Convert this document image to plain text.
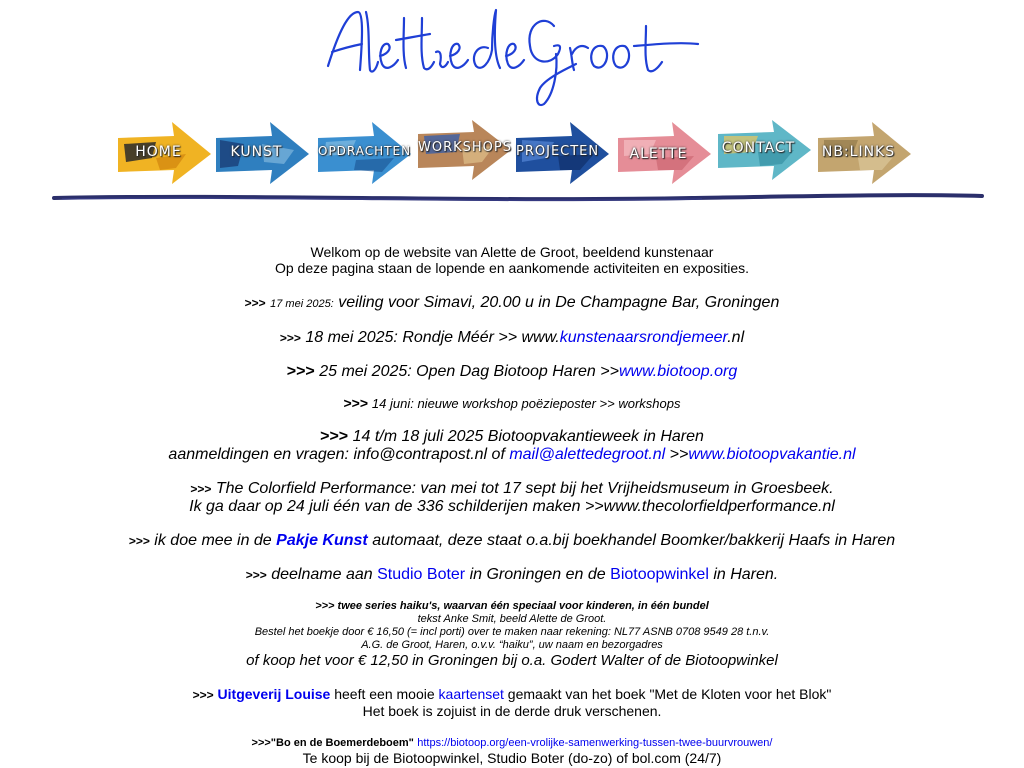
HOME	KUNST	OPDRACHTEN WORKSHOPS PROJECTEN	ALETTE	CONTACT NB:LINKS
Welkom op de website van Alette de Groot, beeldend kunstenaar
Op deze pagina staan de lopende en aankomende activiteiten en exposities.
>>> 17 mei 2025: veiling voor Simavi, 20.00 u in De Champagne Bar, Groningen
>>> 18 mei 2025: Rondje Méér >> www.kunstenaarsrondjemeer.nl
>>> 25 mei 2025: Open Dag Biotoop Haren >>www.biotoop.org
>>> 14 juni: nieuwe workshop poëzieposter >> workshops
>>> 14 t/m 18 juli 2025 Biotoopvakantieweek in Haren
aanmeldingen en vragen: info@contrapost.nl of mail@alettedegroot.nl >>www.biotoopvakantie.nl
>>> The Colorfield Performance: van mei tot 17 sept bij het Vrijheidsmuseum in Groesbeek.
Ik ga daar op 24 juli één van de 336 schilderijen maken >>www.thecolorfieldperformance.nl
>>> ik doe mee in de Pakje Kunst automaat, deze staat o.a.bij boekhandel Boomker/bakkerij Haafs in Haren
>>> deelname aan Studio Boter in Groningen en de Biotoopwinkel in Haren.
>>> twee series haiku's, waarvan één speciaal voor kinderen, in één bundel
tekst Anke Smit, beeld Alette de Groot.
Bestel het boekje door € 16,50 (= incl porti) over te maken naar rekening: NL77 ASNB 0708 9549 28 t.n.v.
A.G. de Groot, Haren, o.v.v. “haiku”, uw naam en bezorgadres
of koop het voor € 12,50 in Groningen bij o.a. Godert Walter of de Biotoopwinkel
>>> Uitgeverij Louise heeft een mooie kaartenset gemaakt van het boek "Met de Kloten voor het Blok"
Het boek is zojuist in de derde druk verschenen.
>>>"Bo en de Boemerdeboem" https://biotoop.org/een-vrolijke-samenwerking-tussen-twee-buurvrouwen/
Te koop bij de Biotoopwinkel, Studio Boter (do-zo) of bol.com (24/7)
